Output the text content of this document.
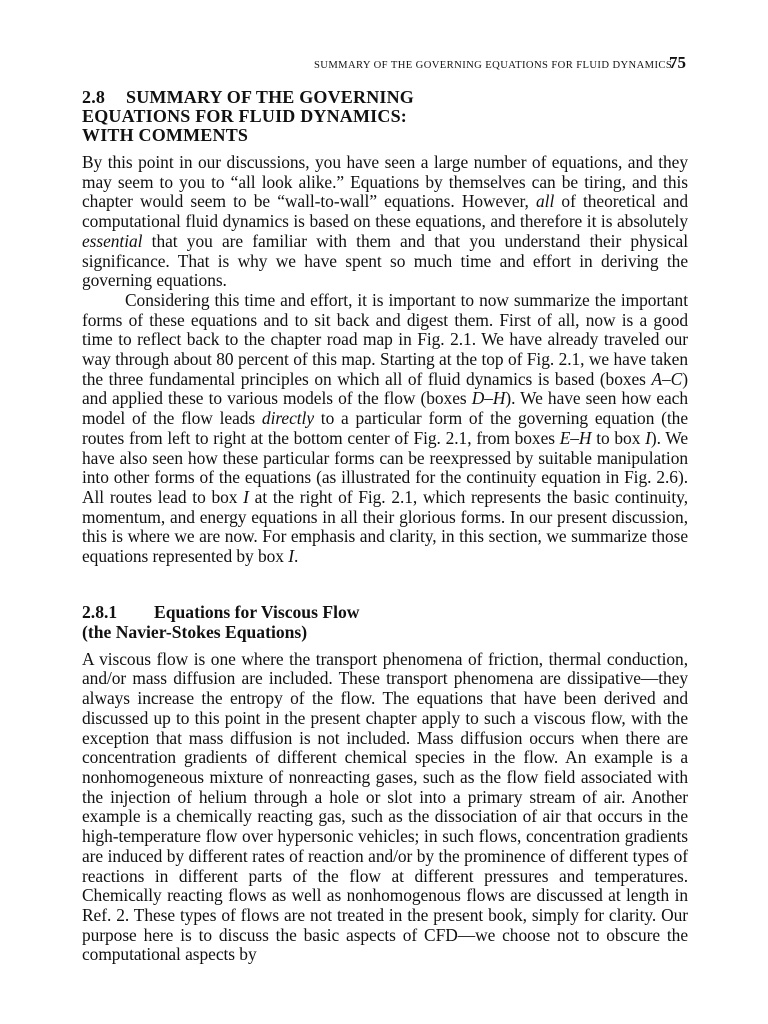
SUMMARY OF THE GOVERNING EQUATIONS FOR FLUID DYNAMICS
75
2.8 SUMMARY OF THE GOVERNING
EQUATIONS FOR FLUID DYNAMICS:
WITH COMMENTS

By this point in our discussions, you have seen a large number of equations, and they may seem to you to “all look alike.” Equations by themselves can be tiring, and this chapter would seem to be “wall-to-wall” equations. However, all of theoretical and computational fluid dynamics is based on these equations, and therefore it is absolutely essential that you are familiar with them and that you understand their physical significance. That is why we have spent so much time and effort in deriving the governing equations.

Considering this time and effort, it is important to now summarize the important forms of these equations and to sit back and digest them. First of all, now is a good time to reflect back to the chapter road map in Fig. 2.1. We have already traveled our way through about 80 percent of this map. Starting at the top of Fig. 2.1, we have taken the three fundamental principles on which all of fluid dynamics is based (boxes A–C) and applied these to various models of the flow (boxes D–H). We have seen how each model of the flow leads directly to a particular form of the governing equation (the routes from left to right at the bottom center of Fig. 2.1, from boxes E–H to box I). We have also seen how these particular forms can be reexpressed by suitable manipulation into other forms of the equations (as illustrated for the continuity equation in Fig. 2.6). All routes lead to box I at the right of Fig. 2.1, which represents the basic continuity, momentum, and energy equations in all their glorious forms. In our present discussion, this is where we are now. For emphasis and clarity, in this section, we summarize those equations represented by box I.

2.8.1 Equations for Viscous Flow
(the Navier-Stokes Equations)

A viscous flow is one where the transport phenomena of friction, thermal conduction, and/or mass diffusion are included. These transport phenomena are dissipative—they always increase the entropy of the flow. The equations that have been derived and discussed up to this point in the present chapter apply to such a viscous flow, with the exception that mass diffusion is not included. Mass diffusion occurs when there are concentration gradients of different chemical species in the flow. An example is a nonhomogeneous mixture of nonreacting gases, such as the flow field associated with the injection of helium through a hole or slot into a primary stream of air. Another example is a chemically reacting gas, such as the dissociation of air that occurs in the high-temperature flow over hypersonic vehicles; in such flows, concentration gradients are induced by different rates of reaction and/or by the prominence of different types of reactions in different parts of the flow at different pressures and temperatures. Chemically reacting flows as well as nonhomogenous flows are discussed at length in Ref. 2. These types of flows are not treated in the present book, simply for clarity. Our purpose here is to discuss the basic aspects of CFD—we choose not to obscure the computational aspects by
